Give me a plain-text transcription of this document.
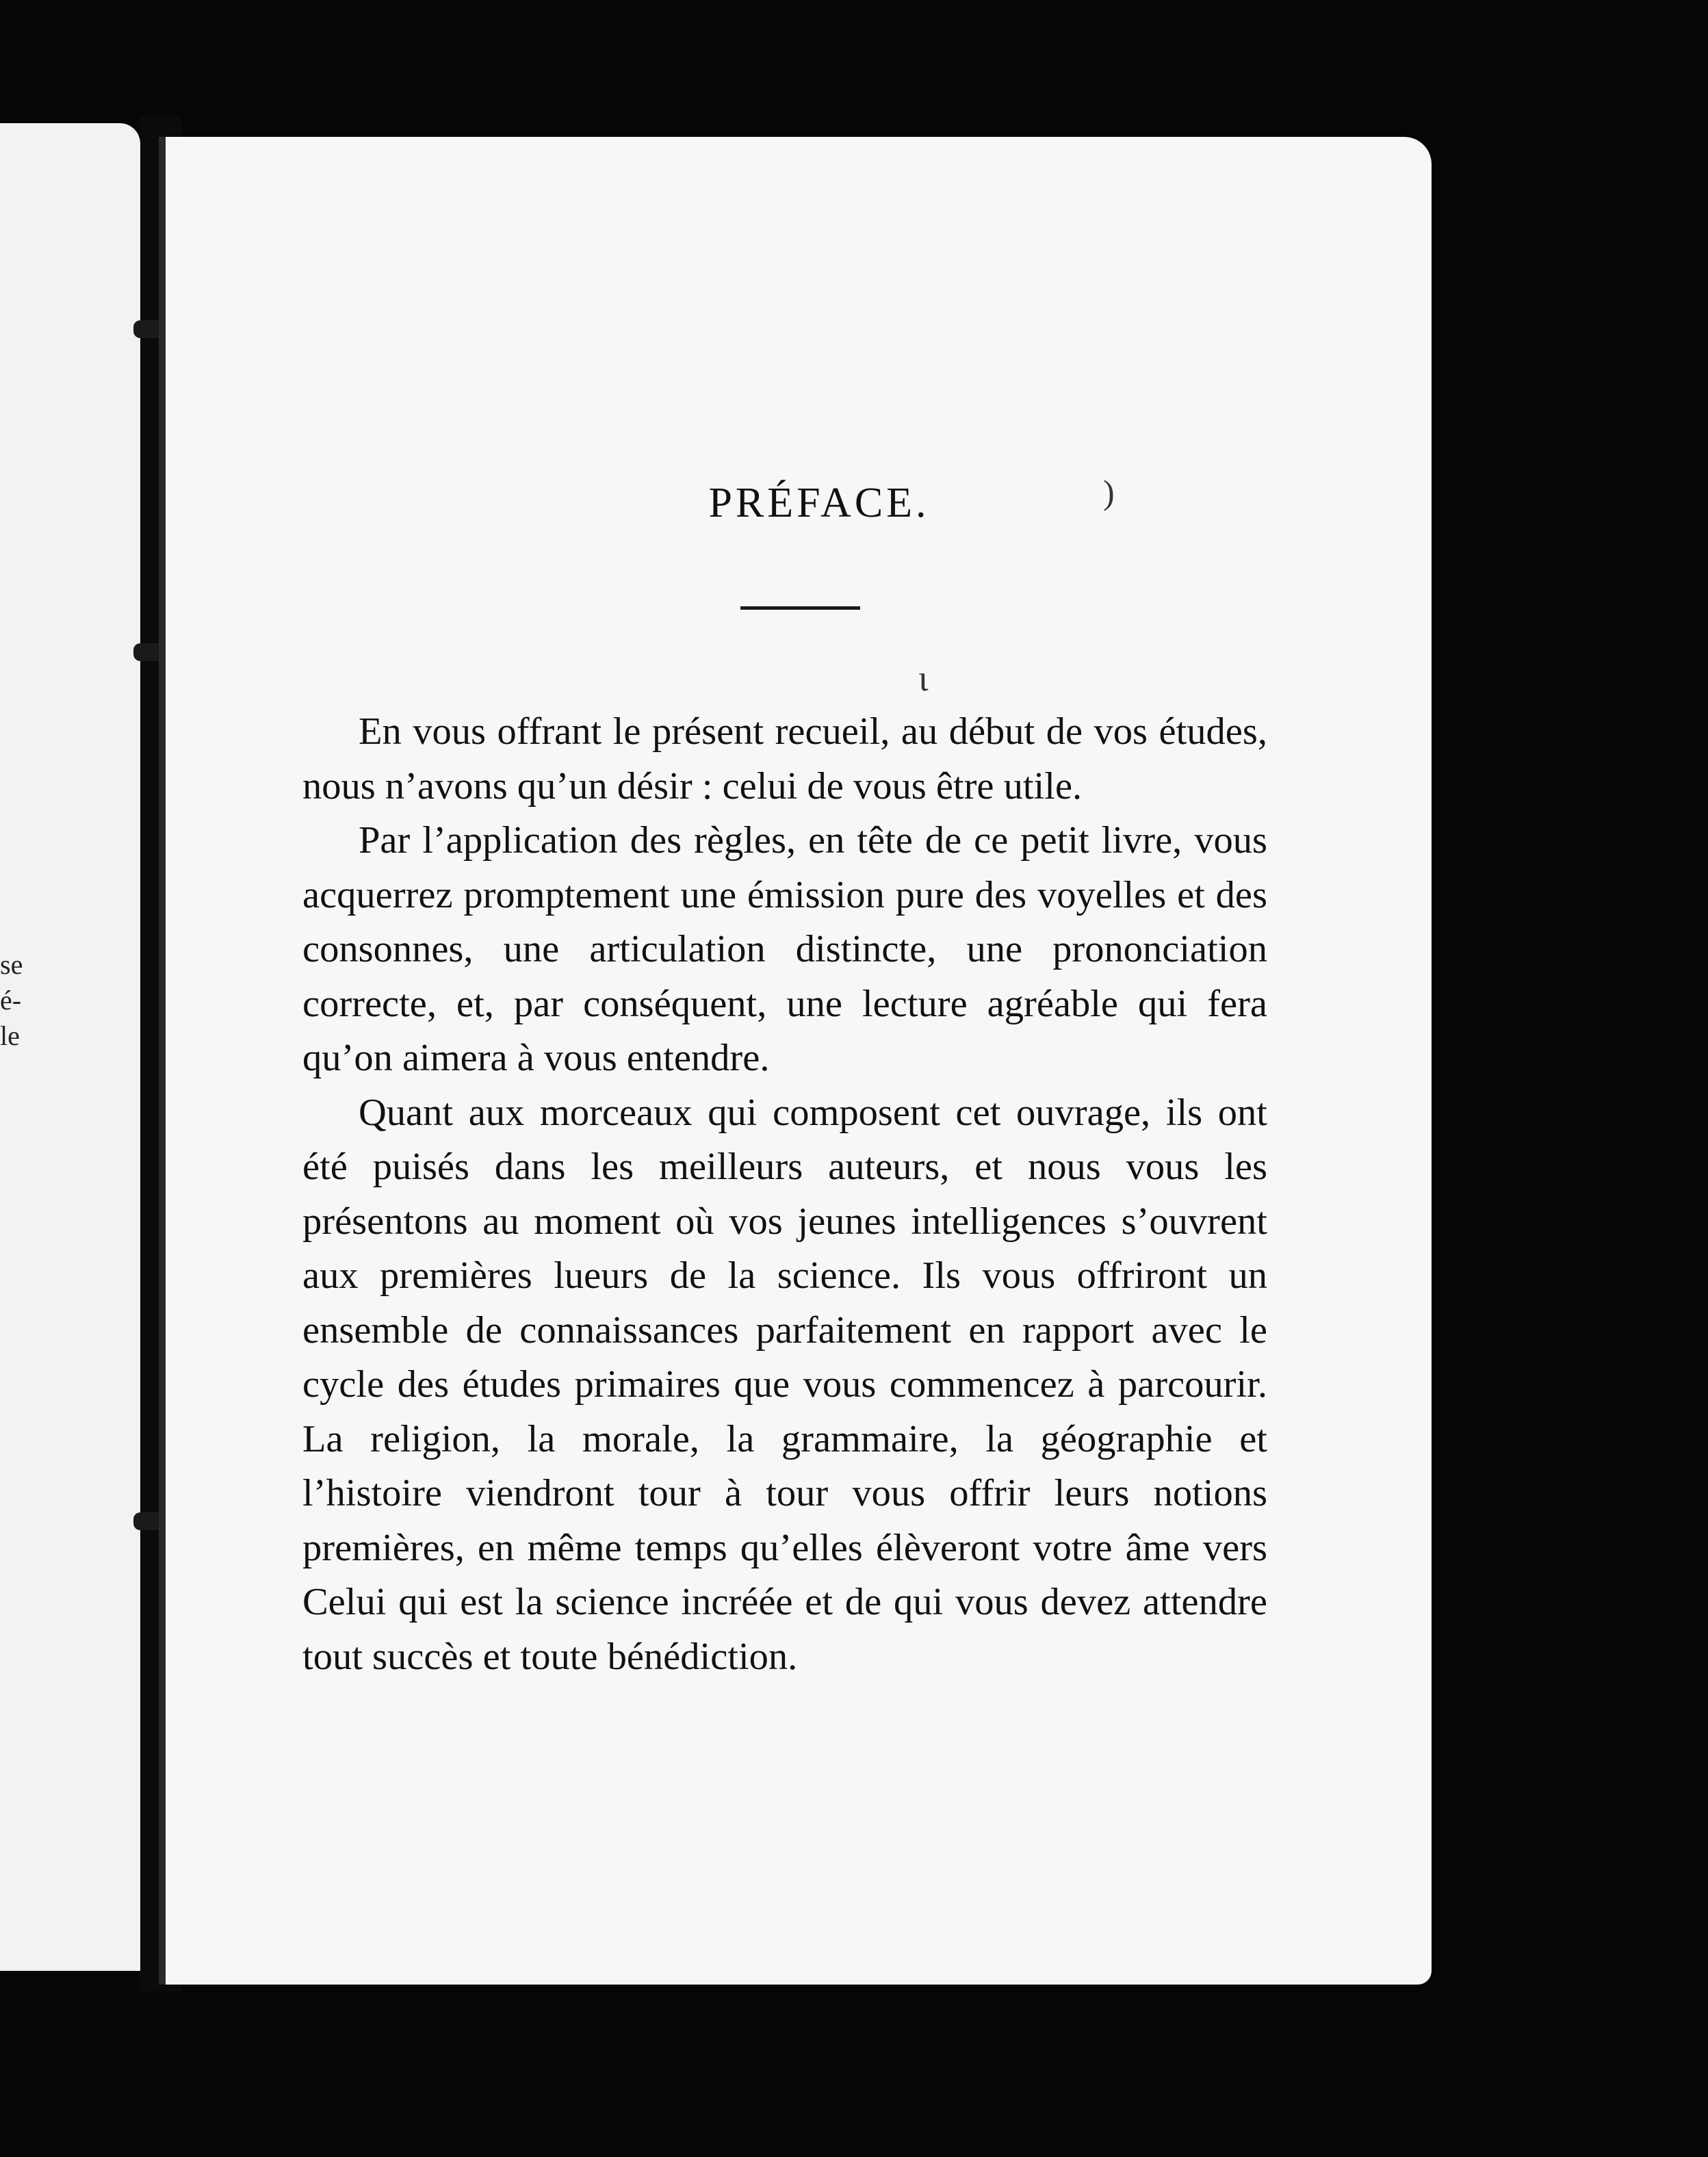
se
é-
le
PRÉFACE.

En vous offrant le présent recueil, au début de vos études, nous n’avons qu’un désir : celui de vous être utile.

Par l’application des règles, en tête de ce petit livre, vous acquerrez promptement une émission pure des voyelles et des consonnes, une articulation distincte, une prononciation correcte, et, par conséquent, une lecture agréable qui fera qu’on aimera à vous entendre.

Quant aux morceaux qui composent cet ouvrage, ils ont été puisés dans les meilleurs auteurs, et nous vous les présentons au moment où vos jeunes intelligences s’ouvrent aux premières lueurs de la science. Ils vous offriront un ensemble de connaissances parfaitement en rapport avec le cycle des études primaires que vous commencez à parcourir. La religion, la morale, la grammaire, la géographie et l’histoire viendront tour à tour vous offrir leurs notions premières, en même temps qu’elles élèveront votre âme vers Celui qui est la science incréée et de qui vous devez attendre tout succès et toute bénédiction.

)
ι
